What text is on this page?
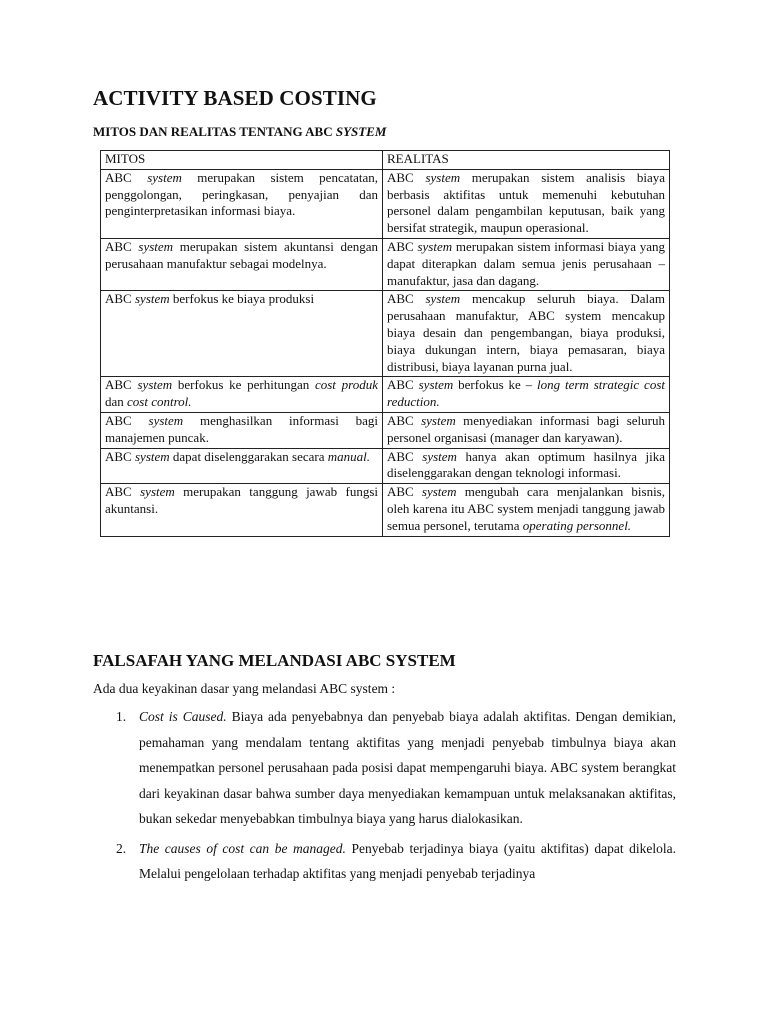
ACTIVITY BASED COSTING
MITOS DAN REALITAS TENTANG ABC SYSTEM
MITOS	REALITAS
ABC system merupakan sistem pencatatan, penggolongan, peringkasan, penyajian dan penginterpretasikan informasi biaya.	ABC system merupakan sistem analisis biaya berbasis aktifitas untuk memenuhi kebutuhan personel dalam pengambilan keputusan, baik yang bersifat strategik, maupun operasional.
ABC system merupakan sistem akuntansi dengan perusahaan manufaktur sebagai modelnya.	ABC system merupakan sistem informasi biaya yang dapat diterapkan dalam semua jenis perusahaan – manufaktur, jasa dan dagang.
ABC system berfokus ke biaya produksi	ABC system mencakup seluruh biaya. Dalam perusahaan manufaktur, ABC system mencakup biaya desain dan pengembangan, biaya produksi, biaya dukungan intern, biaya pemasaran, biaya distribusi, biaya layanan purna jual.
ABC system berfokus ke perhitungan cost produk dan cost control.	ABC system berfokus ke – long term strategic cost reduction.
ABC system menghasilkan informasi bagi manajemen puncak.	ABC system menyediakan informasi bagi seluruh personel organisasi (manager dan karyawan).
ABC system dapat diselenggarakan secara manual.	ABC system hanya akan optimum hasilnya jika diselenggarakan dengan teknologi informasi.
ABC system merupakan tanggung jawab fungsi akuntansi.	ABC system mengubah cara menjalankan bisnis, oleh karena itu ABC system menjadi tanggung jawab semua personel, terutama operating personnel.
FALSAFAH YANG MELANDASI ABC SYSTEM

Ada dua keyakinan dasar yang melandasi ABC system :

1. Cost is Caused. Biaya ada penyebabnya dan penyebab biaya adalah aktifitas. Dengan demikian, pemahaman yang mendalam tentang aktifitas yang menjadi penyebab timbulnya biaya akan menempatkan personel perusahaan pada posisi dapat mempengaruhi biaya. ABC system berangkat dari keyakinan dasar bahwa sumber daya menyediakan kemampuan untuk melaksanakan aktifitas, bukan sekedar menyebabkan timbulnya biaya yang harus dialokasikan.
2. The causes of cost can be managed. Penyebab terjadinya biaya (yaitu aktifitas) dapat dikelola. Melalui pengelolaan terhadap aktifitas yang menjadi penyebab terjadinya
